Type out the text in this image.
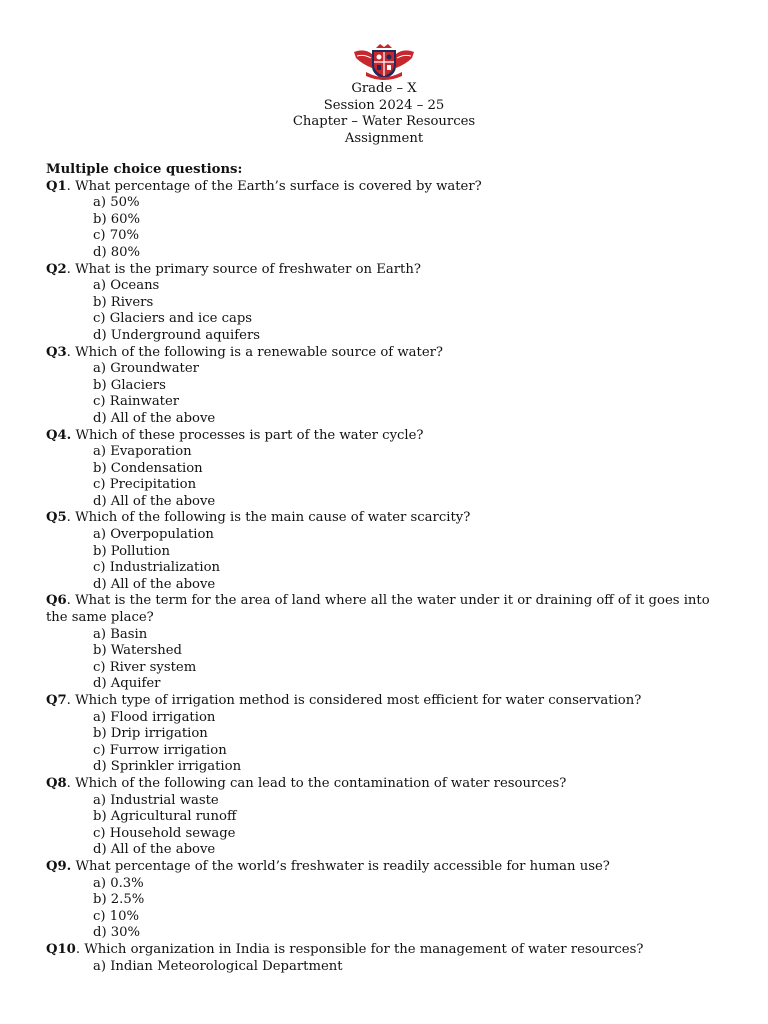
Grade – X
Session 2024 – 25
Chapter – Water Resources
Assignment
Multiple choice questions:
Q1. What percentage of the Earth’s surface is covered by water?
a) 50%
b) 60%
c) 70%
d) 80%
Q2. What is the primary source of freshwater on Earth?
a) Oceans
b) Rivers
c) Glaciers and ice caps
d) Underground aquifers
Q3. Which of the following is a renewable source of water?
a) Groundwater
b) Glaciers
c) Rainwater
d) All of the above
Q4. Which of these processes is part of the water cycle?
a) Evaporation
b) Condensation
c) Precipitation
d) All of the above
Q5. Which of the following is the main cause of water scarcity?
a) Overpopulation
b) Pollution
c) Industrialization
d) All of the above
Q6. What is the term for the area of land where all the water under it or draining off of it goes into the same place?
a) Basin
b) Watershed
c) River system
d) Aquifer
Q7. Which type of irrigation method is considered most efficient for water conservation?
a) Flood irrigation
b) Drip irrigation
c) Furrow irrigation
d) Sprinkler irrigation
Q8. Which of the following can lead to the contamination of water resources?
a) Industrial waste
b) Agricultural runoff
c) Household sewage
d) All of the above
Q9. What percentage of the world’s freshwater is readily accessible for human use?
a) 0.3%
b) 2.5%
c) 10%
d) 30%
Q10. Which organization in India is responsible for the management of water resources?
a) Indian Meteorological Department
